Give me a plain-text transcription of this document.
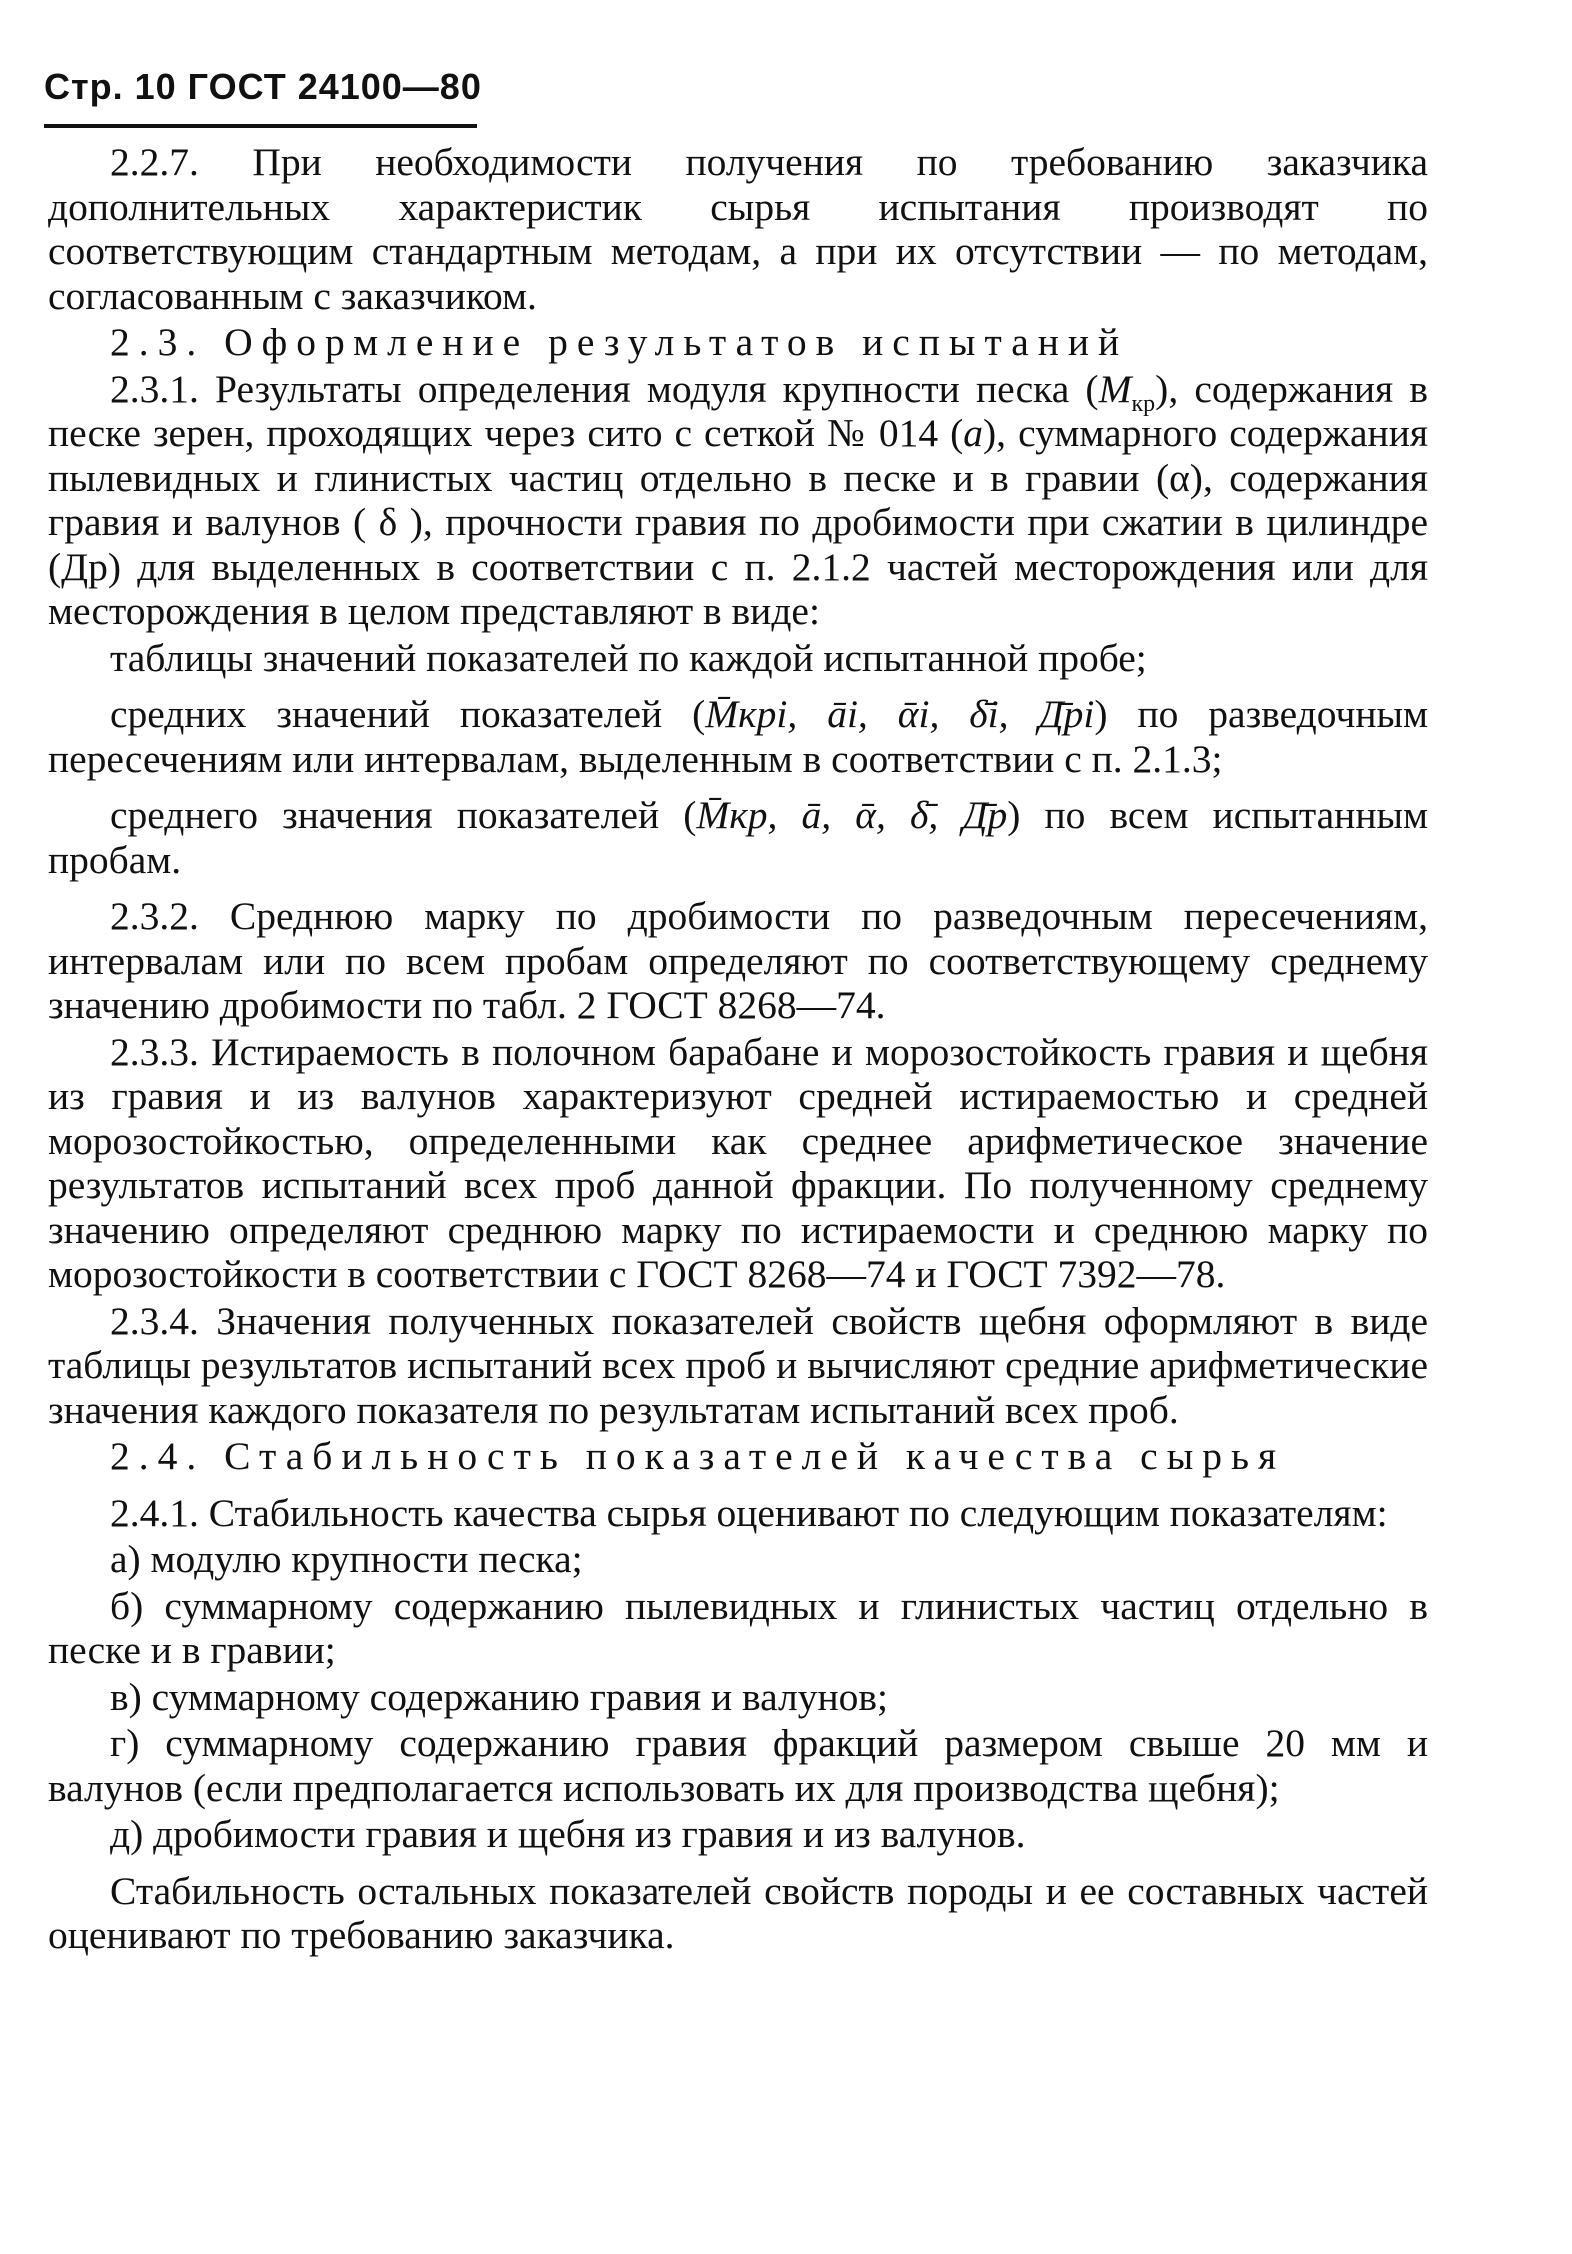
Стр. 10 ГОСТ 24100—80

2.2.7. При необходимости получения по требованию заказчика дополнительных характеристик сырья испытания производят по соответствующим стандартным методам, а при их отсутствии — по методам, согласованным с заказчиком.

2.3. Оформление результатов испытаний

2.3.1. Результаты определения модуля крупности песка $(M_{кр})$, содержания в песке зерен, проходящих через сито с сеткой № 014 (a), суммарного содержания пылевидных и глинистых частиц отдельно в песке и в гравии (α), содержания гравия и валунов ( δ ), прочности гравия по дробимости при сжатии в цилиндре (Др) для выделенных в соответствии с п. 2.1.2 частей месторождения или для месторождения в целом представляют в виде:

таблицы значений показателей по каждой испытанной пробе;

средних значений показателей (M̄крi, āi, ᾱi, δ̄i, Д̄рi) по разведочным пересечениям или интервалам, выделенным в соответствии с п. 2.1.3;

среднего значения показателей (M̄кр, ā, ᾱ, δ̄, Д̄р) по всем испытанным пробам.

2.3.2. Среднюю марку по дробимости по разведочным пересечениям, интервалам или по всем пробам определяют по соответствующему среднему значению дробимости по табл. 2 ГОСТ 8268—74.

2.3.3. Истираемость в полочном барабане и морозостойкость гравия и щебня из гравия и из валунов характеризуют средней истираемостью и средней морозостойкостью, определенными как среднее арифметическое значение результатов испытаний всех проб данной фракции. По полученному среднему значению определяют среднюю марку по истираемости и среднюю марку по морозостойкости в соответствии с ГОСТ 8268—74 и ГОСТ 7392—78.

2.3.4. Значения полученных показателей свойств щебня оформляют в виде таблицы результатов испытаний всех проб и вычисляют средние арифметические значения каждого показателя по результатам испытаний всех проб.

2.4. Стабильность показателей качества сырья

2.4.1. Стабильность качества сырья оценивают по следующим показателям:

а) модулю крупности песка;

б) суммарному содержанию пылевидных и глинистых частиц отдельно в песке и в гравии;

в) суммарному содержанию гравия и валунов;

г) суммарному содержанию гравия фракций размером свыше 20 мм и валунов (если предполагается использовать их для производства щебня);

д) дробимости гравия и щебня из гравия и из валунов.

Стабильность остальных показателей свойств породы и ее составных частей оценивают по требованию заказчика.
